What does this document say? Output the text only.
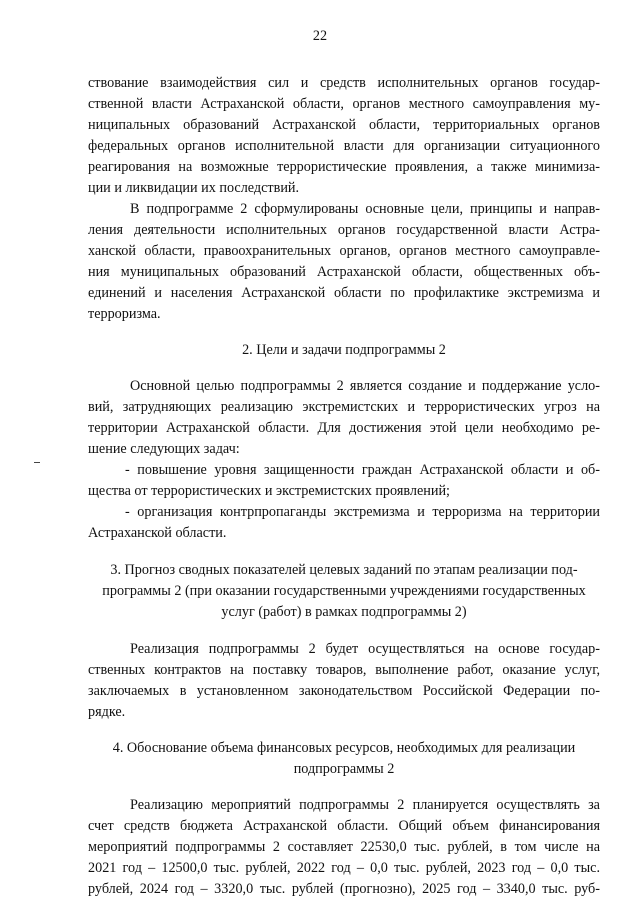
22
ствование взаимодействия сил и средств исполнительных органов государ-
ственной власти Астраханской области, органов местного самоуправления му-
ниципальных образований Астраханской области, территориальных органов
федеральных органов исполнительной власти для организации ситуационного
реагирования на возможные террористические проявления, а также минимиза-
ции и ликвидации их последствий.
В подпрограмме 2 сформулированы основные цели, принципы и направ-
ления деятельности исполнительных органов государственной власти Астра-
ханской области, правоохранительных органов, органов местного самоуправле-
ния муниципальных образований Астраханской области, общественных объ-
единений и населения Астраханской области по профилактике экстремизма и
терроризма.
2. Цели и задачи подпрограммы 2
Основной целью подпрограммы 2 является создание и поддержание усло-
вий, затрудняющих реализацию экстремистских и террористических угроз на
территории Астраханской области. Для достижения этой цели необходимо ре-
шение следующих задач:
- повышение уровня защищенности граждан Астраханской области и об-
щества от террористических и экстремистских проявлений;
- организация контрпропаганды экстремизма и терроризма на территории
Астраханской области.
3. Прогноз сводных показателей целевых заданий по этапам реализации под-
программы 2 (при оказании государственными учреждениями государственных
услуг (работ) в рамках подпрограммы 2)
Реализация подпрограммы 2 будет осуществляться на основе государ-
ственных контрактов на поставку товаров, выполнение работ, оказание услуг,
заключаемых в установленном законодательством Российской Федерации по-
рядке.
4. Обоснование объема финансовых ресурсов, необходимых для реализации
подпрограммы 2
Реализацию мероприятий подпрограммы 2 планируется осуществлять за
счет средств бюджета Астраханской области. Общий объем финансирования
мероприятий подпрограммы 2 составляет 22530,0 тыс. рублей, в том числе на
2021 год – 12500,0 тыс. рублей, 2022 год – 0,0 тыс. рублей, 2023 год – 0,0 тыс.
рублей, 2024 год – 3320,0 тыс. рублей (прогнозно), 2025 год – 3340,0 тыс. руб-
лей (прогнозно), 2026 год – 3370,0 тыс. рублей (прогнозно).
Перечень мероприятий и объемы финансирования за счет бюджета Астра-
ханской области подлежат уточнению исходя из возможностей бюджета с
